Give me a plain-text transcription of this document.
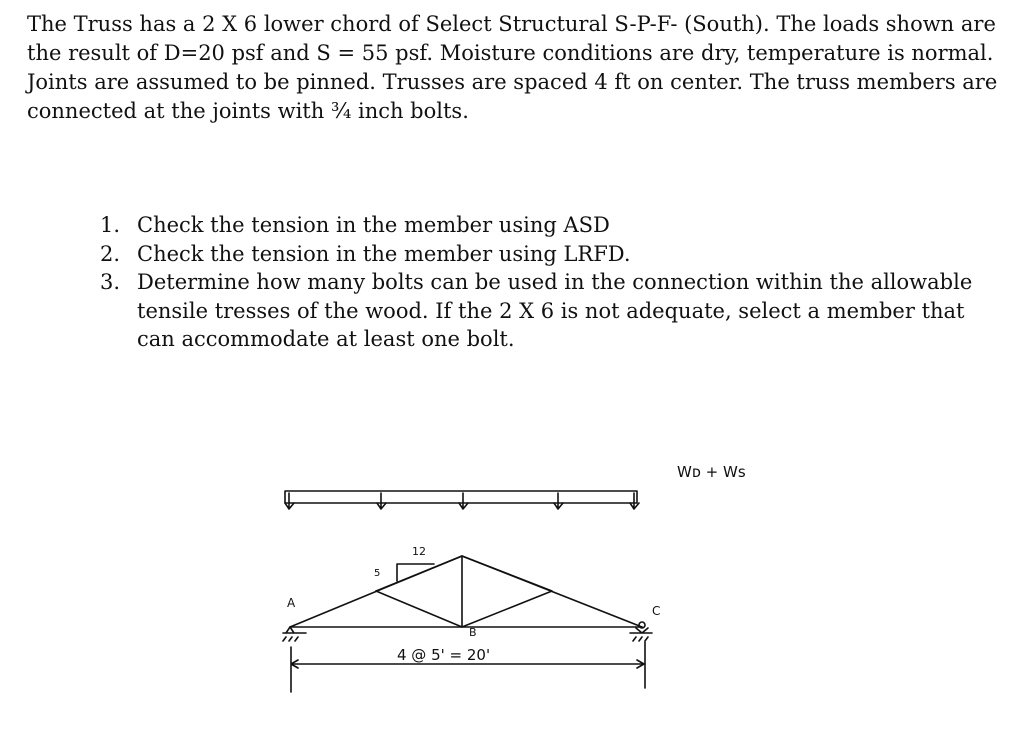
The Truss has a 2 X 6 lower chord of Select Structural S-P-F- (South). The loads shown are the result of D=20 psf and S = 55 psf. Moisture conditions are dry, temperature is normal. Joints are assumed to be pinned. Trusses are spaced 4 ft on center. The truss members are connected at the joints with ¾ inch bolts.

1. Check the tension in the member using ASD
2. Check the tension in the member using LRFD.
3. Determine how many bolts can be used in the connection within the allowable tensile tresses of the wood. If the 2 X 6 is not adequate, select a member that can accommodate at least one bolt.
Wᴅ + Ws
5
12
A
B
C
4 @ 5' = 20'
